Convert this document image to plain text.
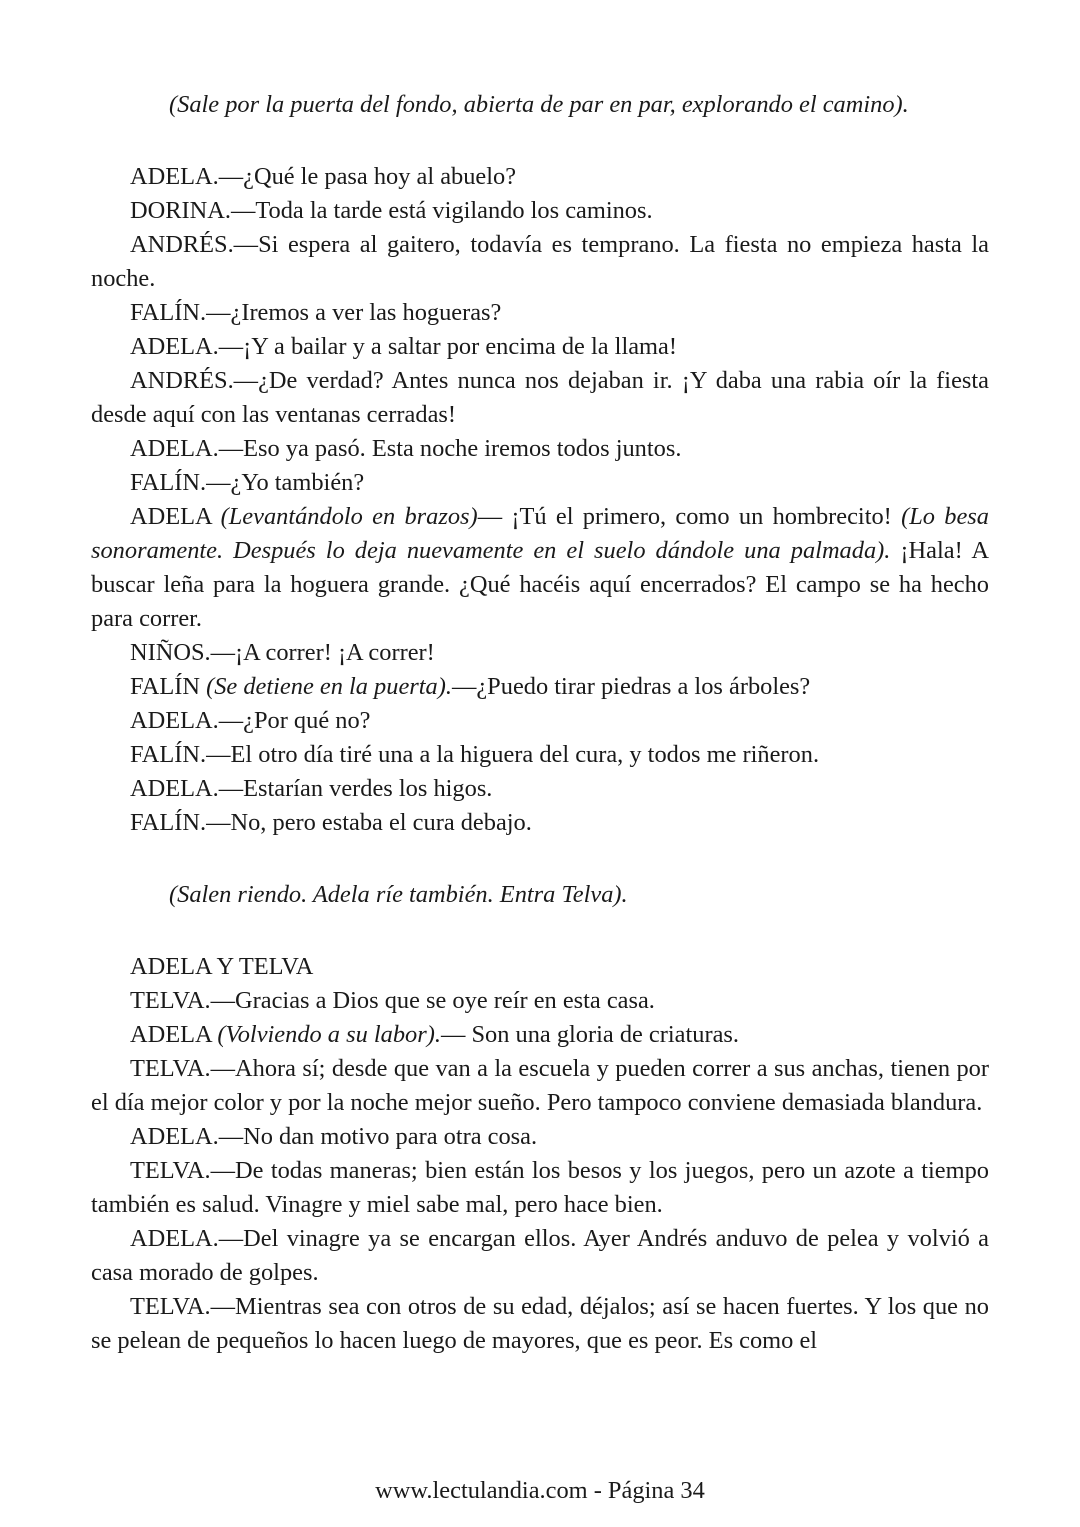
(Sale por la puerta del fondo, abierta de par en par, explorando el camino).

ADELA.—¿Qué le pasa hoy al abuelo?

DORINA.—Toda la tarde está vigilando los caminos.

ANDRÉS.—Si espera al gaitero, todavía es temprano. La fiesta no empieza hasta la noche.

FALÍN.—¿Iremos a ver las hogueras?

ADELA.—¡Y a bailar y a saltar por encima de la llama!

ANDRÉS.—¿De verdad? Antes nunca nos dejaban ir. ¡Y daba una rabia oír la fiesta desde aquí con las ventanas cerradas!

ADELA.—Eso ya pasó. Esta noche iremos todos juntos.

FALÍN.—¿Yo también?

ADELA (Levantándolo en brazos)— ¡Tú el primero, como un hombrecito! (Lo besa sonoramente. Después lo deja nuevamente en el suelo dándole una palmada). ¡Hala! A buscar leña para la hoguera grande. ¿Qué hacéis aquí encerrados? El campo se ha hecho para correr.

NIÑOS.—¡A correr! ¡A correr!

FALÍN (Se detiene en la puerta).—¿Puedo tirar piedras a los árboles?

ADELA.—¿Por qué no?

FALÍN.—El otro día tiré una a la higuera del cura, y todos me riñeron.

ADELA.—Estarían verdes los higos.

FALÍN.—No, pero estaba el cura debajo.

(Salen riendo. Adela ríe también. Entra Telva).

ADELA Y TELVA

TELVA.—Gracias a Dios que se oye reír en esta casa.

ADELA (Volviendo a su labor).— Son una gloria de criaturas.

TELVA.—Ahora sí; desde que van a la escuela y pueden correr a sus anchas, tienen por el día mejor color y por la noche mejor sueño. Pero tampoco conviene demasiada blandura.

ADELA.—No dan motivo para otra cosa.

TELVA.—De todas maneras; bien están los besos y los juegos, pero un azote a tiempo también es salud. Vinagre y miel sabe mal, pero hace bien.

ADELA.—Del vinagre ya se encargan ellos. Ayer Andrés anduvo de pelea y volvió a casa morado de golpes.

TELVA.—Mientras sea con otros de su edad, déjalos; así se hacen fuertes. Y los que no se pelean de pequeños lo hacen luego de mayores, que es peor. Es como el

www.lectulandia.com - Página 34
